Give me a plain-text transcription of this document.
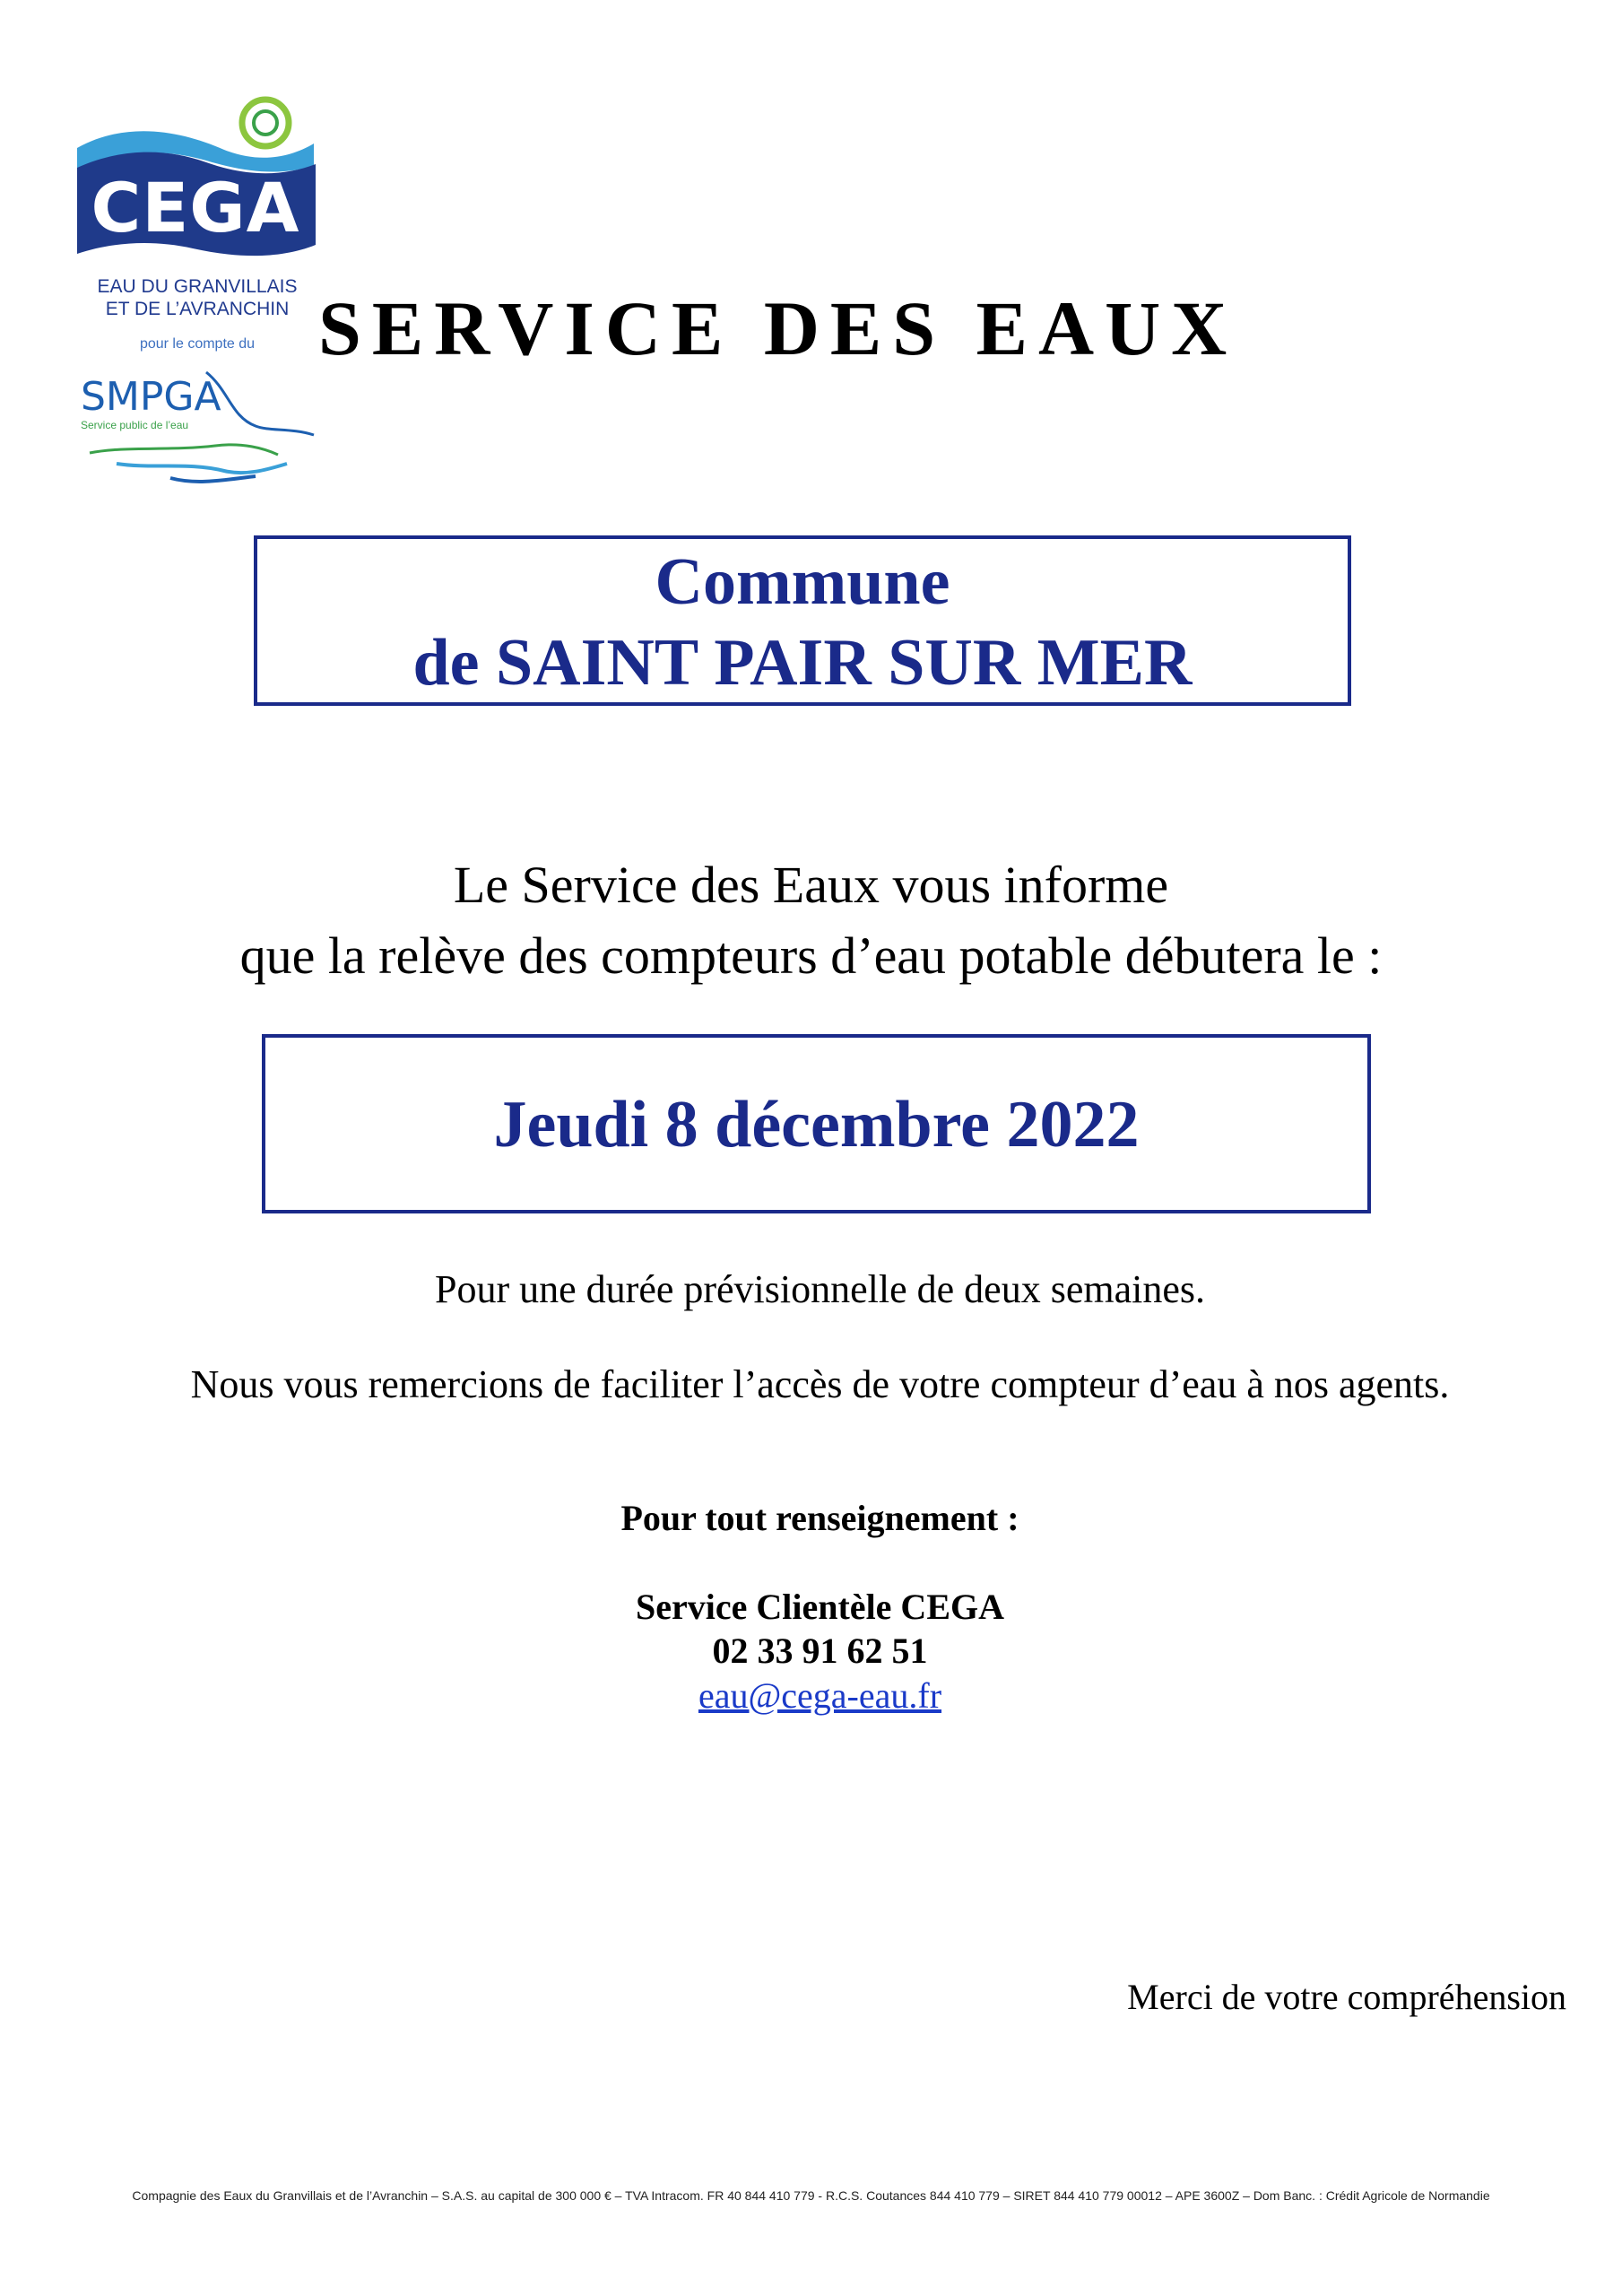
CEGA
EAU DU GRANVILLAIS
ET DE L’AVRANCHIN
pour le compte du
SMPGA
Service public de l’eau
SERVICE DES EAUX
Commune
de SAINT PAIR SUR MER
Le Service des Eaux vous informe
que la relève des compteurs d’eau potable débutera le :
Jeudi 8 décembre 2022
Pour une durée prévisionnelle de deux semaines.
Nous vous remercions de faciliter l’accès de votre compteur d’eau à nos agents.
Pour tout renseignement :
Service Clientèle CEGA
02 33 91 62 51
eau@cega-eau.fr
Merci de votre compréhension
Compagnie des Eaux du Granvillais et de l’Avranchin – S.A.S. au capital de 300 000 € – TVA Intracom. FR 40 844 410 779 - R.C.S. Coutances 844 410 779 – SIRET 844 410 779 00012 – APE 3600Z – Dom Banc. : Crédit Agricole de Normandie
